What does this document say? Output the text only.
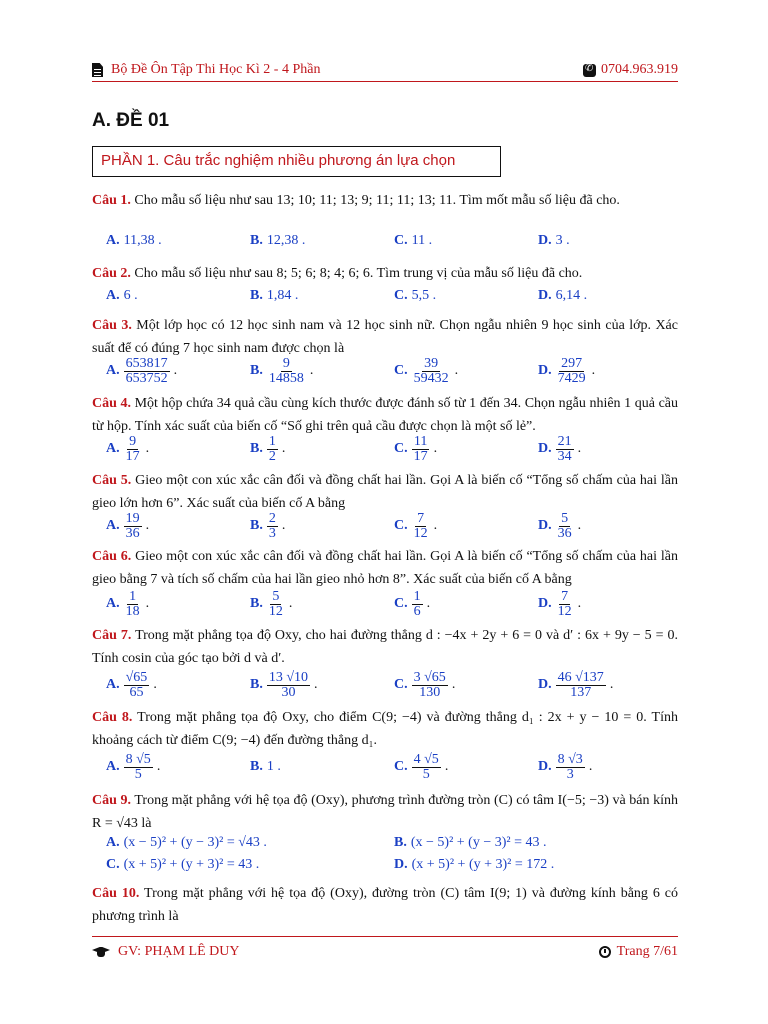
Bộ Đề Ôn Tập Thi Học Kì 2 - 4 Phần
✆	0704.963.919
A. ĐỀ 01
PHẦN 1. Câu trắc nghiệm nhiều phương án lựa chọn
Câu 1. Cho mẫu số liệu như sau 13; 10; 11; 13; 9; 11; 11; 13; 11. Tìm mốt mẫu số liệu đã cho.
A. 11,38 .	B. 12,38 .	C. 11 .	D. 3 .
Câu 2. Cho mẫu số liệu như sau 8; 5; 6; 8; 4; 6; 6. Tìm trung vị của mẫu số liệu đã cho.
A. 6 .	B. 1,84 .	C. 5,5 .	D. 6,14 .
Câu 3. Một lớp học có 12 học sinh nam và 12 học sinh nữ. Chọn ngẫu nhiên 9 học sinh của lớp. Xác suất để có đúng 7 học sinh nam được chọn là
A. $\frac{653817}{653752}$ .	B. $\frac{9}{14858}$ .	C. $\frac{39}{59432}$ .	D. $\frac{297}{7429}$ .
Câu 4. Một hộp chứa 34 quả cầu cùng kích thước được đánh số từ 1 đến 34. Chọn ngẫu nhiên 1 quả cầu từ hộp. Tính xác suất của biến cố “Số ghi trên quả cầu được chọn là một số lẻ”.
A. $\frac{9}{17}$ .	B. $\frac{1}{2}$ .	C. $\frac{11}{17}$ .	D. $\frac{21}{34}$ .
Câu 5. Gieo một con xúc xắc cân đối và đồng chất hai lần. Gọi A là biến cố “Tổng số chấm của hai lần gieo lớn hơn 6”. Xác suất của biến cố A bằng
A. $\frac{19}{36}$ .	B. $\frac{2}{3}$ .	C. $\frac{7}{12}$ .	D. $\frac{5}{36}$ .
Câu 6. Gieo một con xúc xắc cân đối và đồng chất hai lần. Gọi A là biến cố “Tổng số chấm của hai lần gieo bằng 7 và tích số chấm của hai lần gieo nhỏ hơn 8”. Xác suất của biến cố A bằng
A. $\frac{1}{18}$ .	B. $\frac{5}{12}$ .	C. $\frac{1}{6}$ .	D. $\frac{7}{12}$ .
Câu 7. Trong mặt phẳng tọa độ Oxy, cho hai đường thẳng d : −4x + 2y + 6 = 0 và d′ : 6x + 9y − 5 = 0. Tính cosin của góc tạo bởi d và d′.
A. $\frac{√65}{65}$ .	B. $\frac{13 √10}{30}$ .	C. $\frac{3 √65}{130}$ .	D. $\frac{46 √137}{137}$ .
Câu 8. Trong mặt phẳng tọa độ Oxy, cho điểm C(9; −4) và đường thẳng d₁ : 2x + y − 10 = 0. Tính khoảng cách từ điểm C(9; −4) đến đường thẳng d₁.
A. $\frac{8 √5}{5}$ .	B. 1 .	C. $\frac{4 √5}{5}$ .	D. $\frac{8 √3}{3}$ .
Câu 9. Trong mặt phẳng với hệ tọa độ (Oxy), phương trình đường tròn (C) có tâm I(−5; −3) và bán kính R = √43 là
A. (x − 5)² + (y − 3)² = √43 .	B. (x − 5)² + (y − 3)² = 43 .
C. (x + 5)² + (y + 3)² = 43 .	D. (x + 5)² + (y + 3)² = 172 .
Câu 10. Trong mặt phẳng với hệ tọa độ (Oxy), đường tròn (C) tâm I(9; 1) và đường kính bằng 6 có phương trình là
GV: PHẠM LÊ DUY	Trang 7/61
